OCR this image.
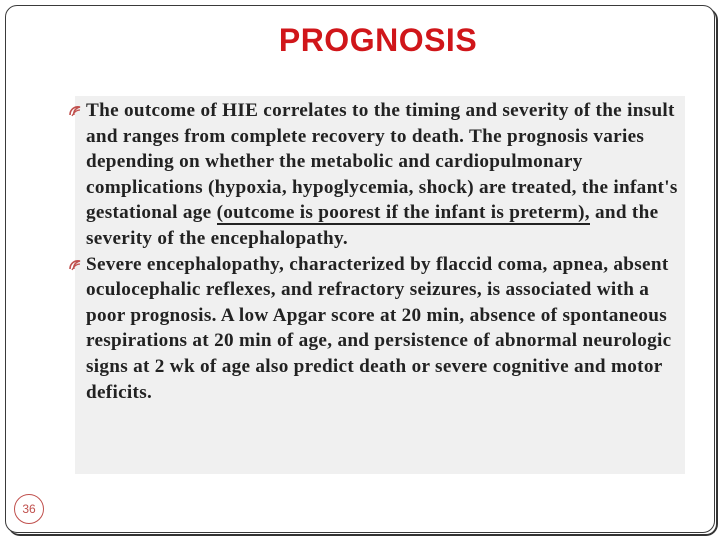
PROGNOSIS
The outcome of HIE correlates to the timing and severity of the insult and ranges from complete recovery to death. The prognosis varies depending on whether the metabolic and cardiopulmonary complications (hypoxia, hypoglycemia, shock) are treated, the infant's gestational age (outcome is poorest if the infant is preterm), and the severity of the encephalopathy.
Severe encephalopathy, characterized by flaccid coma, apnea, absent oculocephalic reflexes, and refractory seizures, is associated with a poor prognosis. A low Apgar score at 20 min, absence of spontaneous respirations at 20 min of age, and persistence of abnormal neurologic signs at 2 wk of age also predict death or severe cognitive and motor deficits.
36
